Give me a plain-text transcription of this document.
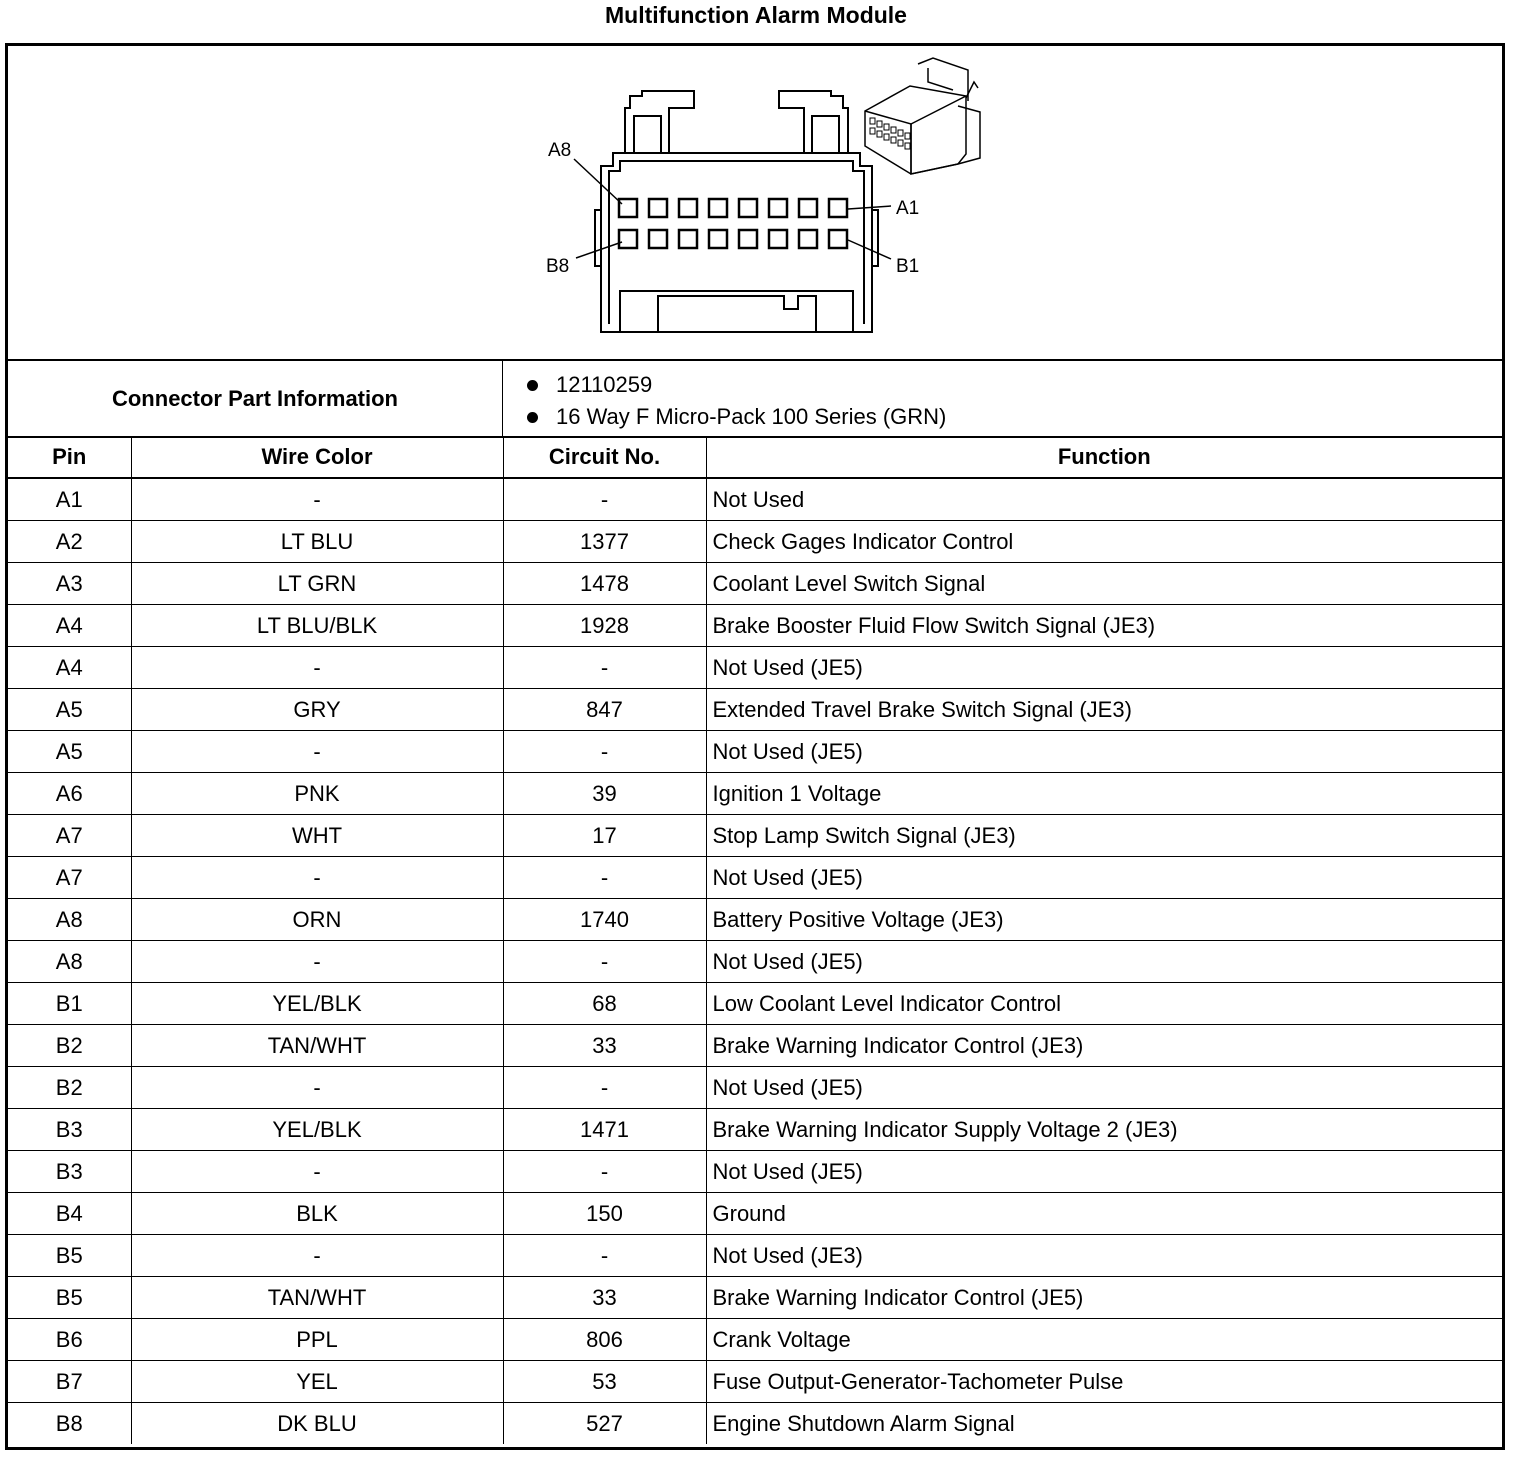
Multifunction Alarm Module
A8
A1
B8	B1
Connector Part Information
12110259
16 Way F Micro-Pack 100 Series (GRN)
Pin	Wire Color	Circuit No.	Function
A1	-	-	Not Used
A2	LT BLU	1377	Check Gages Indicator Control
A3	LT GRN	1478	Coolant Level Switch Signal
A4	LT BLU/BLK	1928	Brake Booster Fluid Flow Switch Signal (JE3)
A4	-	-	Not Used (JE5)
A5	GRY	847	Extended Travel Brake Switch Signal (JE3)
A5	-	-	Not Used (JE5)
A6	PNK	39	Ignition 1 Voltage
A7	WHT	17	Stop Lamp Switch Signal (JE3)
A7	-	-	Not Used (JE5)
A8	ORN	1740	Battery Positive Voltage (JE3)
A8	-	-	Not Used (JE5)
B1	YEL/BLK	68	Low Coolant Level Indicator Control
B2	TAN/WHT	33	Brake Warning Indicator Control (JE3)
B2	-	-	Not Used (JE5)
B3	YEL/BLK	1471	Brake Warning Indicator Supply Voltage 2 (JE3)
B3	-	-	Not Used (JE5)
B4	BLK	150	Ground
B5	-	-	Not Used (JE3)
B5	TAN/WHT	33	Brake Warning Indicator Control (JE5)
B6	PPL	806	Crank Voltage
B7	YEL	53	Fuse Output-Generator-Tachometer Pulse
B8	DK BLU	527	Engine Shutdown Alarm Signal
